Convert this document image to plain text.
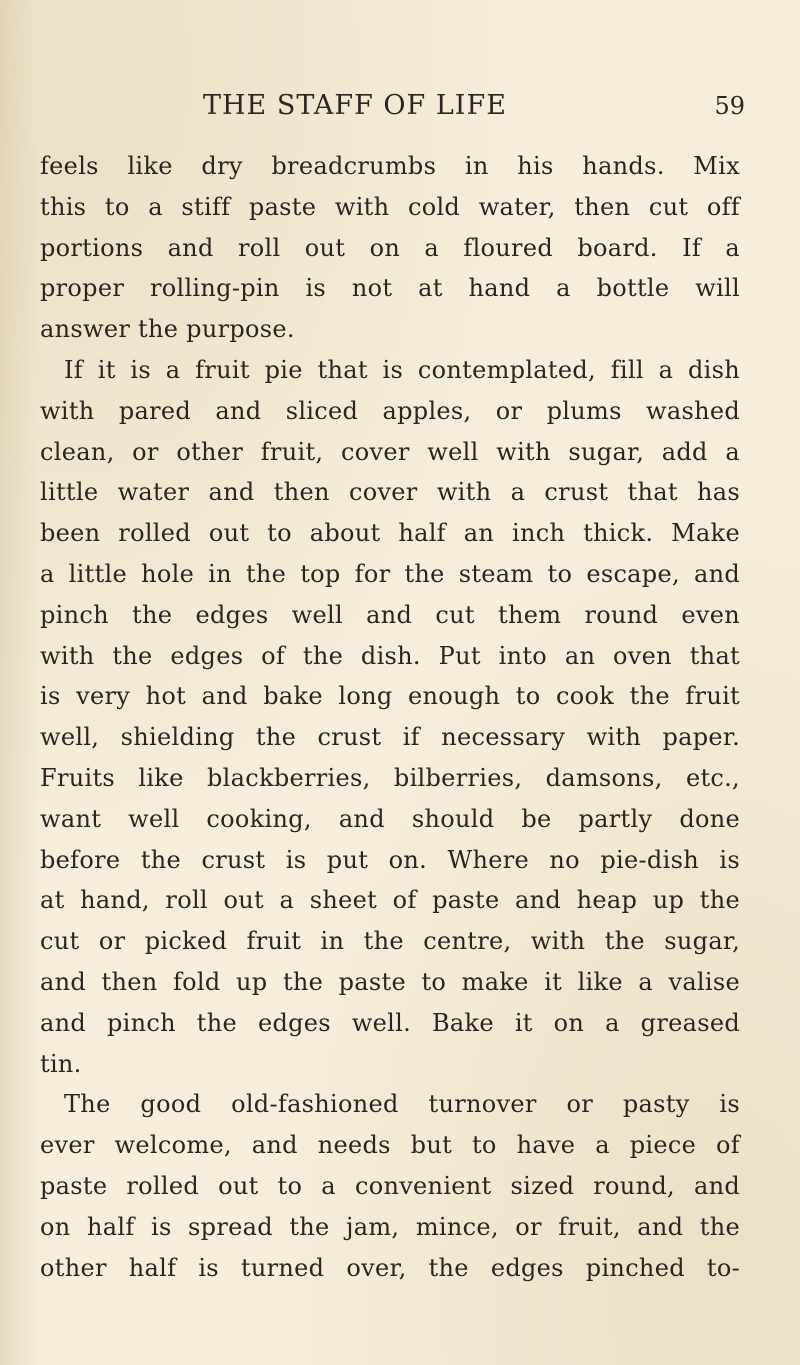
THE STAFF OF LIFE	59
feels like dry breadcrumbs in his hands. Mix
this to a stiff paste with cold water, then cut off
portions and roll out on a floured board. If a
proper rolling-pin is not at hand a bottle will
answer the purpose.
If it is a fruit pie that is contemplated, fill a dish
with pared and sliced apples, or plums washed
clean, or other fruit, cover well with sugar, add a
little water and then cover with a crust that has
been rolled out to about half an inch thick. Make
a little hole in the top for the steam to escape, and
pinch the edges well and cut them round even
with the edges of the dish. Put into an oven that
is very hot and bake long enough to cook the fruit
well, shielding the crust if necessary with paper.
Fruits like blackberries, bilberries, damsons, etc.,
want well cooking, and should be partly done
before the crust is put on. Where no pie-dish is
at hand, roll out a sheet of paste and heap up the
cut or picked fruit in the centre, with the sugar,
and then fold up the paste to make it like a valise
and pinch the edges well. Bake it on a greased
tin.
The good old-fashioned turnover or pasty is
ever welcome, and needs but to have a piece of
paste rolled out to a convenient sized round, and
on half is spread the jam, mince, or fruit, and the
other half is turned over, the edges pinched to-
